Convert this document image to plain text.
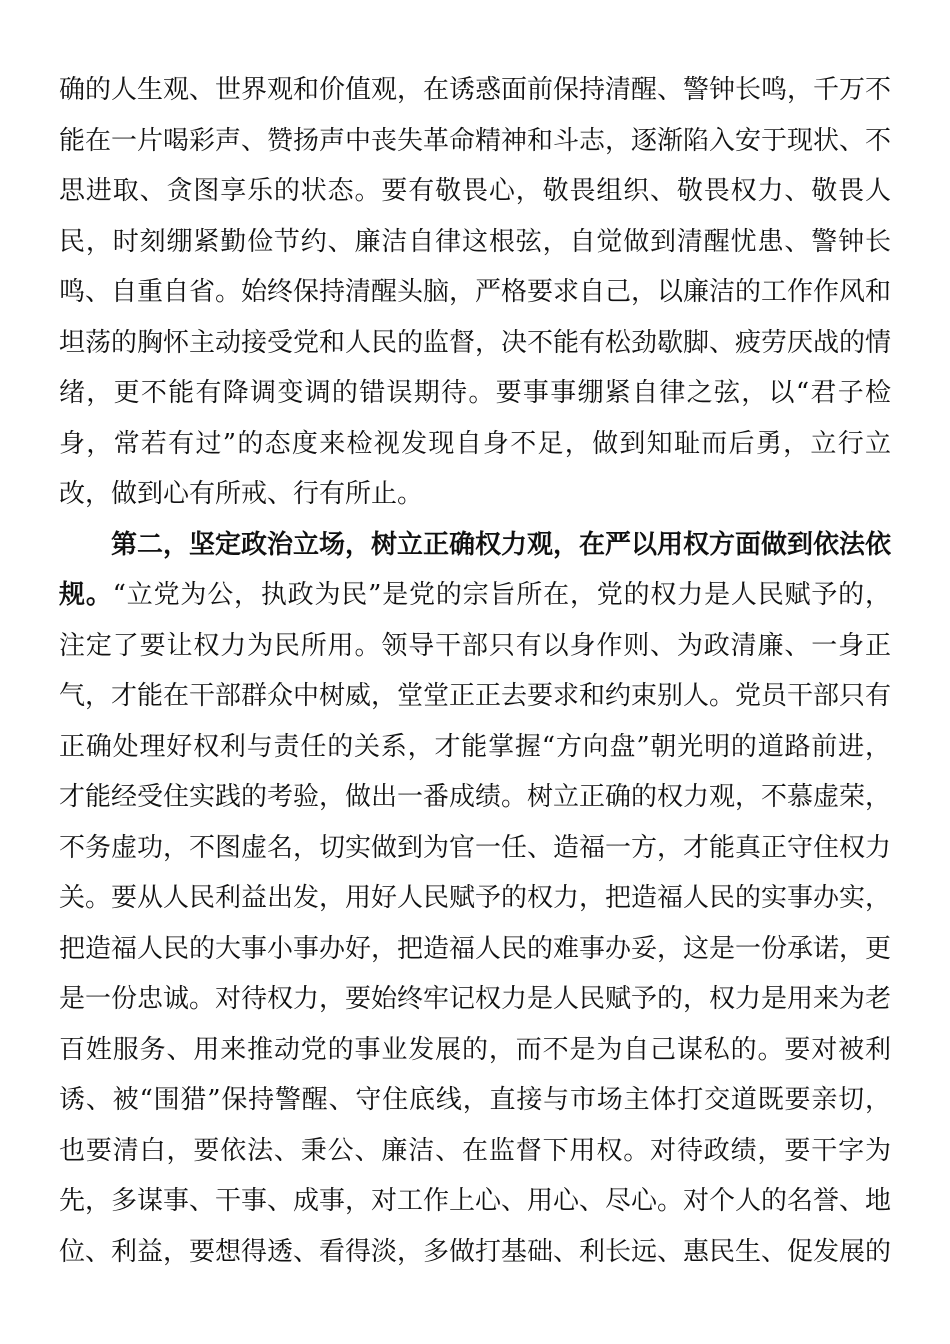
确的人生观、世界观和价值观，在诱惑面前保持清醒、警钟长鸣，千万不
能在一片喝彩声、赞扬声中丧失革命精神和斗志，逐渐陷入安于现状、不
思进取、贪图享乐的状态。要有敬畏心，敬畏组织、敬畏权力、敬畏人
民，时刻绷紧勤俭节约、廉洁自律这根弦，自觉做到清醒忧患、警钟长
鸣、自重自省。始终保持清醒头脑，严格要求自己，以廉洁的工作作风和
坦荡的胸怀主动接受党和人民的监督，决不能有松劲歇脚、疲劳厌战的情
绪，更不能有降调变调的错误期待。要事事绷紧自律之弦，以“君子检
身，常若有过”的态度来检视发现自身不足，做到知耻而后勇，立行立
改，做到心有所戒、行有所止。
第二，坚定政治立场，树立正确权力观，在严以用权方面做到依法依
规。“立党为公，执政为民”是党的宗旨所在，党的权力是人民赋予的，
注定了要让权力为民所用。领导干部只有以身作则、为政清廉、一身正
气，才能在干部群众中树威，堂堂正正去要求和约束别人。党员干部只有
正确处理好权利与责任的关系，才能掌握“方向盘”朝光明的道路前进，
才能经受住实践的考验，做出一番成绩。树立正确的权力观，不慕虚荣，
不务虚功，不图虚名，切实做到为官一任、造福一方，才能真正守住权力
关。要从人民利益出发，用好人民赋予的权力，把造福人民的实事办实，
把造福人民的大事小事办好，把造福人民的难事办妥，这是一份承诺，更
是一份忠诚。对待权力，要始终牢记权力是人民赋予的，权力是用来为老
百姓服务、用来推动党的事业发展的，而不是为自己谋私的。要对被利
诱、被“围猎”保持警醒、守住底线，直接与市场主体打交道既要亲切，
也要清白，要依法、秉公、廉洁、在监督下用权。对待政绩，要干字为
先，多谋事、干事、成事，对工作上心、用心、尽心。对个人的名誉、地
位、利益，要想得透、看得淡，多做打基础、利长远、惠民生、促发展的
